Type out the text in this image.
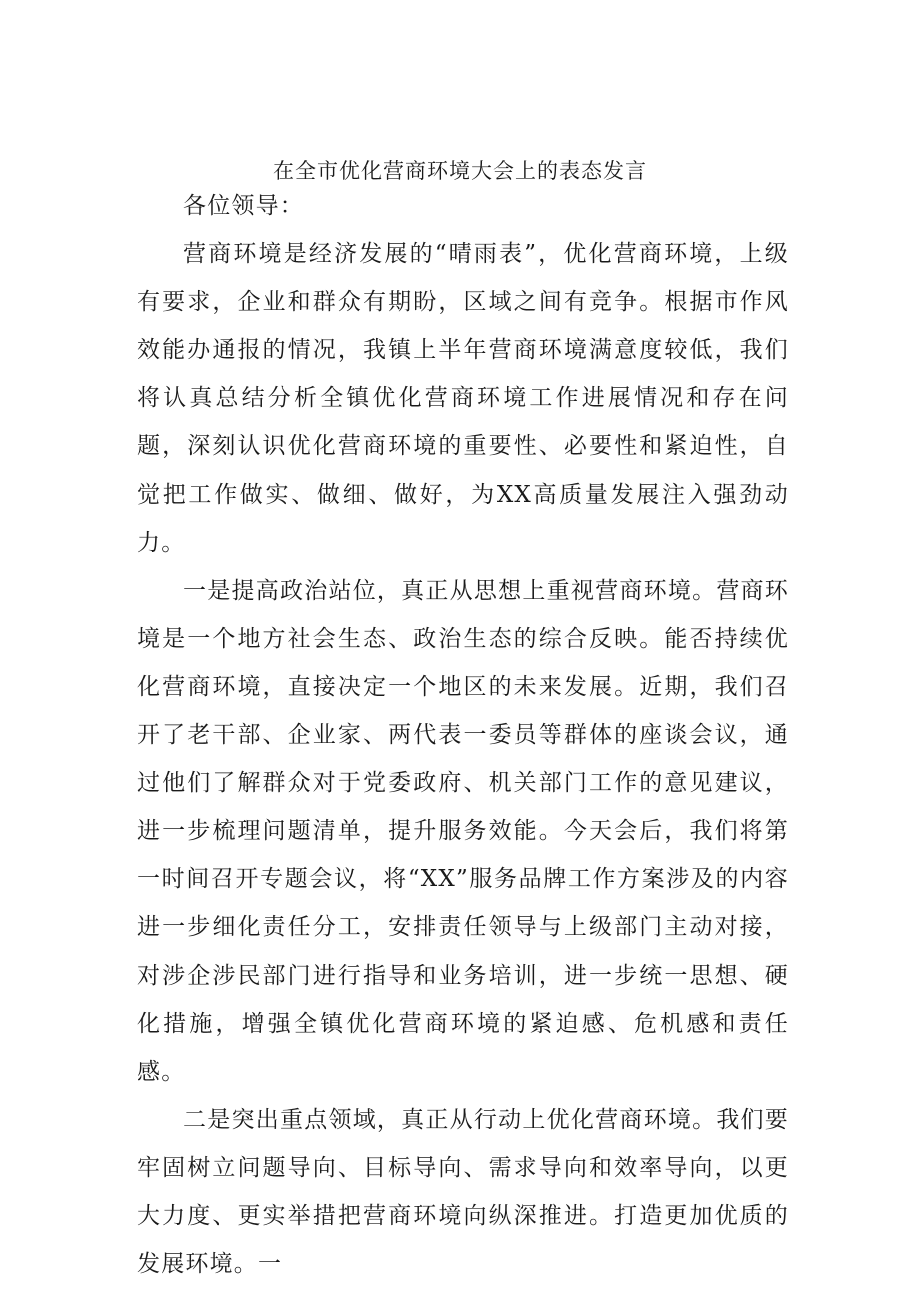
在全市优化营商环境大会上的表态发言

各位领导：

营商环境是经济发展的“晴雨表”，优化营商环境，上级有要求，企业和群众有期盼，区域之间有竞争。根据市作风效能办通报的情况，我镇上半年营商环境满意度较低，我们将认真总结分析全镇优化营商环境工作进展情况和存在问题，深刻认识优化营商环境的重要性、必要性和紧迫性，自觉把工作做实、做细、做好，为XX高质量发展注入强劲动力。

一是提高政治站位，真正从思想上重视营商环境。营商环境是一个地方社会生态、政治生态的综合反映。能否持续优化营商环境，直接决定一个地区的未来发展。近期，我们召开了老干部、企业家、两代表一委员等群体的座谈会议，通过他们了解群众对于党委政府、机关部门工作的意见建议，进一步梳理问题清单，提升服务效能。今天会后，我们将第一时间召开专题会议，将“XX”服务品牌工作方案涉及的内容进一步细化责任分工，安排责任领导与上级部门主动对接，对涉企涉民部门进行指导和业务培训，进一步统一思想、硬化措施，增强全镇优化营商环境的紧迫感、危机感和责任感。

二是突出重点领域，真正从行动上优化营商环境。我们要牢固树立问题导向、目标导向、需求导向和效率导向，以更大力度、更实举措把营商环境向纵深推进。打造更加优质的发展环境。一
